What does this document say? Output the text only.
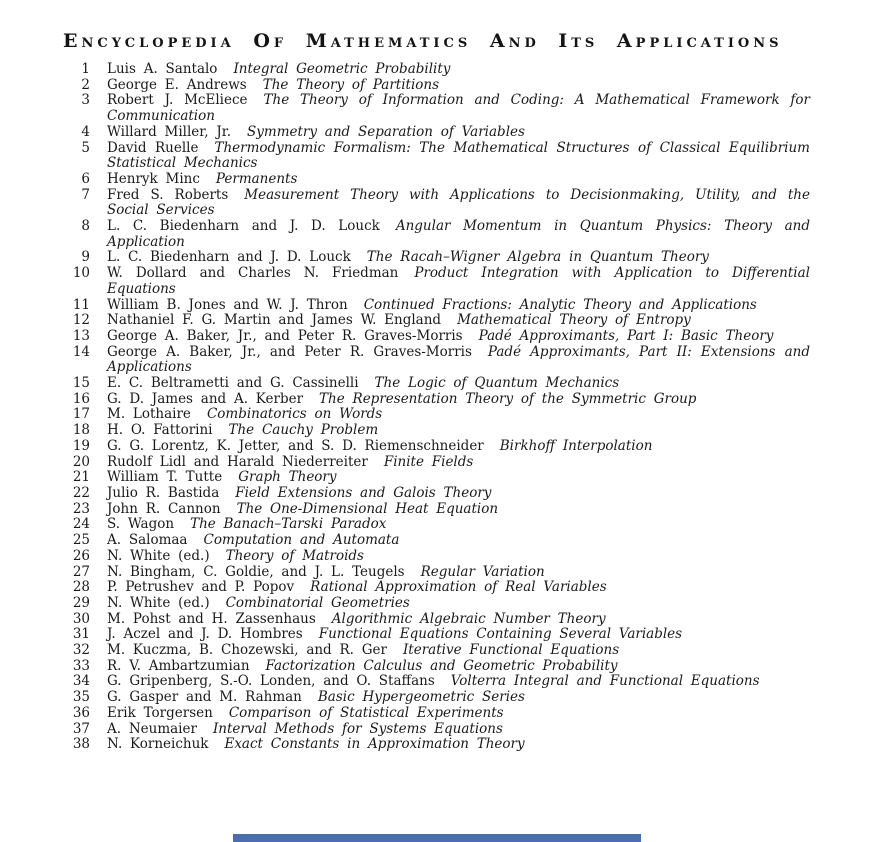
Encyclopedia Of Mathematics And Its Applications
1 Luis A. Santalo Integral Geometric Probability
2 George E. Andrews The Theory of Partitions
3 Robert J. McEliece The Theory of Information and Coding: A Mathematical Framework for Communication
4 Willard Miller, Jr. Symmetry and Separation of Variables
5 David Ruelle Thermodynamic Formalism: The Mathematical Structures of Classical Equilibrium Statistical Mechanics
6 Henryk Minc Permanents
7 Fred S. Roberts Measurement Theory with Applications to Decisionmaking, Utility, and the Social Services
8 L. C. Biedenharn and J. D. Louck Angular Momentum in Quantum Physics: Theory and Application
9 L. C. Biedenharn and J. D. Louck The Racah–Wigner Algebra in Quantum Theory
10 W. Dollard and Charles N. Friedman Product Integration with Application to Differential Equations
11 William B. Jones and W. J. Thron Continued Fractions: Analytic Theory and Applications
12 Nathaniel F. G. Martin and James W. England Mathematical Theory of Entropy
13 George A. Baker, Jr., and Peter R. Graves-Morris Padé Approximants, Part I: Basic Theory
14 George A. Baker, Jr., and Peter R. Graves-Morris Padé Approximants, Part II: Extensions and Applications
15 E. C. Beltrametti and G. Cassinelli The Logic of Quantum Mechanics
16 G. D. James and A. Kerber The Representation Theory of the Symmetric Group
17 M. Lothaire Combinatorics on Words
18 H. O. Fattorini The Cauchy Problem
19 G. G. Lorentz, K. Jetter, and S. D. Riemenschneider Birkhoff Interpolation
20 Rudolf Lidl and Harald Niederreiter Finite Fields
21 William T. Tutte Graph Theory
22 Julio R. Bastida Field Extensions and Galois Theory
23 John R. Cannon The One-Dimensional Heat Equation
24 S. Wagon The Banach–Tarski Paradox
25 A. Salomaa Computation and Automata
26 N. White (ed.) Theory of Matroids
27 N. Bingham, C. Goldie, and J. L. Teugels Regular Variation
28 P. Petrushev and P. Popov Rational Approximation of Real Variables
29 N. White (ed.) Combinatorial Geometries
30 M. Pohst and H. Zassenhaus Algorithmic Algebraic Number Theory
31 J. Aczel and J. D. Hombres Functional Equations Containing Several Variables
32 M. Kuczma, B. Chozewski, and R. Ger Iterative Functional Equations
33 R. V. Ambartzumian Factorization Calculus and Geometric Probability
34 G. Gripenberg, S.-O. Londen, and O. Staffans Volterra Integral and Functional Equations
35 G. Gasper and M. Rahman Basic Hypergeometric Series
36 Erik Torgersen Comparison of Statistical Experiments
37 A. Neumaier Interval Methods for Systems Equations
38 N. Korneichuk Exact Constants in Approximation Theory
